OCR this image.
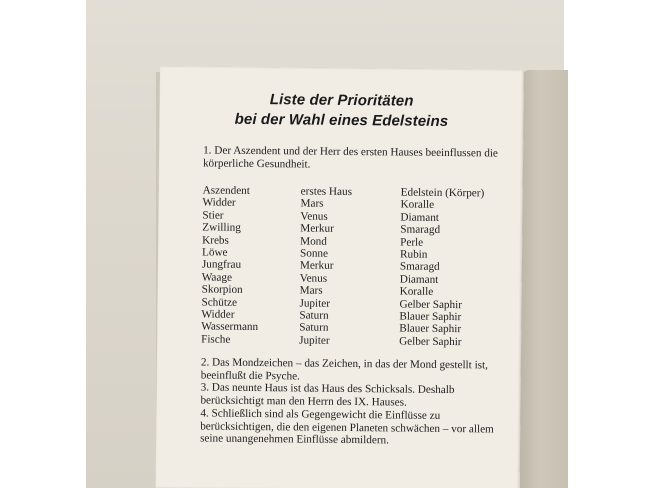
Liste der Prioritäten
bei der Wahl eines Edelsteins
1. Der Aszendent und der Herr des ersten Hauses beeinflussen die körperliche Gesundheit.
Aszendent	erstes Haus	Edelstein (Körper)
Widder	Mars	Koralle
Stier	Venus	Diamant
Zwilling	Merkur	Smaragd
Krebs	Mond	Perle
Löwe	Sonne	Rubin
Jungfrau	Merkur	Smaragd
Waage	Venus	Diamant
Skorpion	Mars	Koralle
Schütze	Jupiter	Gelber Saphir
Widder	Saturn	Blauer Saphir
Wassermann	Saturn	Blauer Saphir
Fische	Jupiter	Gelber Saphir
2. Das Mondzeichen – das Zeichen, in das der Mond gestellt ist, beeinflußt die Psyche.
3. Das neunte Haus ist das Haus des Schicksals. Deshalb berücksichtigt man den Herrn des IX. Hauses.
4. Schließlich sind als Gegengewicht die Einflüsse zu berücksichtigen, die den eigenen Planeten schwächen – vor allem seine unangenehmen Einflüsse abmildern.
